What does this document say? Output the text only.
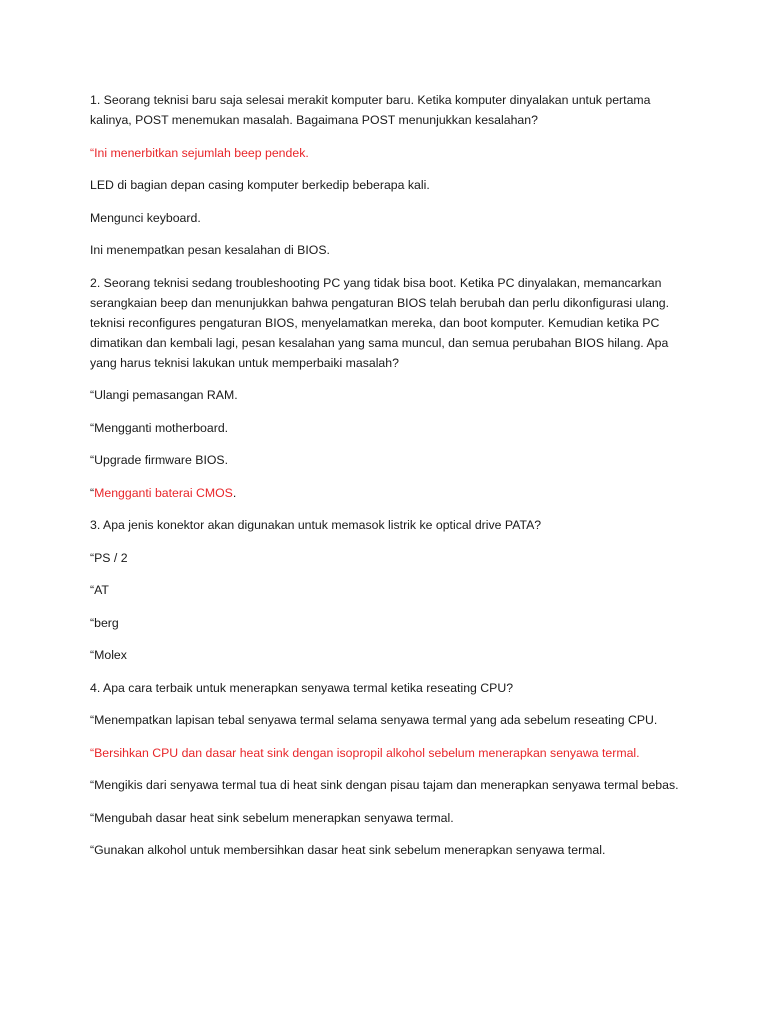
1. Seorang teknisi baru saja selesai merakit komputer baru. Ketika komputer dinyalakan untuk pertama kalinya, POST menemukan masalah. Bagaimana POST menunjukkan kesalahan?

“Ini menerbitkan sejumlah beep pendek.

LED di bagian depan casing komputer berkedip beberapa kali.

Mengunci keyboard.

Ini menempatkan pesan kesalahan di BIOS.

2. Seorang teknisi sedang troubleshooting PC yang tidak bisa boot. Ketika PC dinyalakan, memancarkan serangkaian beep dan menunjukkan bahwa pengaturan BIOS telah berubah dan perlu dikonfigurasi ulang. teknisi reconfigures pengaturan BIOS, menyelamatkan mereka, dan boot komputer. Kemudian ketika PC dimatikan dan kembali lagi, pesan kesalahan yang sama muncul, dan semua perubahan BIOS hilang. Apa yang harus teknisi lakukan untuk memperbaiki masalah?

“Ulangi pemasangan RAM.

“Mengganti motherboard.

“Upgrade firmware BIOS.

“Mengganti baterai CMOS.

3. Apa jenis konektor akan digunakan untuk memasok listrik ke optical drive PATA?

“PS / 2

“AT

“berg

“Molex

4. Apa cara terbaik untuk menerapkan senyawa termal ketika reseating CPU?

“Menempatkan lapisan tebal senyawa termal selama senyawa termal yang ada sebelum reseating CPU.

“Bersihkan CPU dan dasar heat sink dengan isopropil alkohol sebelum menerapkan senyawa termal.

“Mengikis dari senyawa termal tua di heat sink dengan pisau tajam dan menerapkan senyawa termal bebas.

“Mengubah dasar heat sink sebelum menerapkan senyawa termal.

“Gunakan alkohol untuk membersihkan dasar heat sink sebelum menerapkan senyawa termal.
